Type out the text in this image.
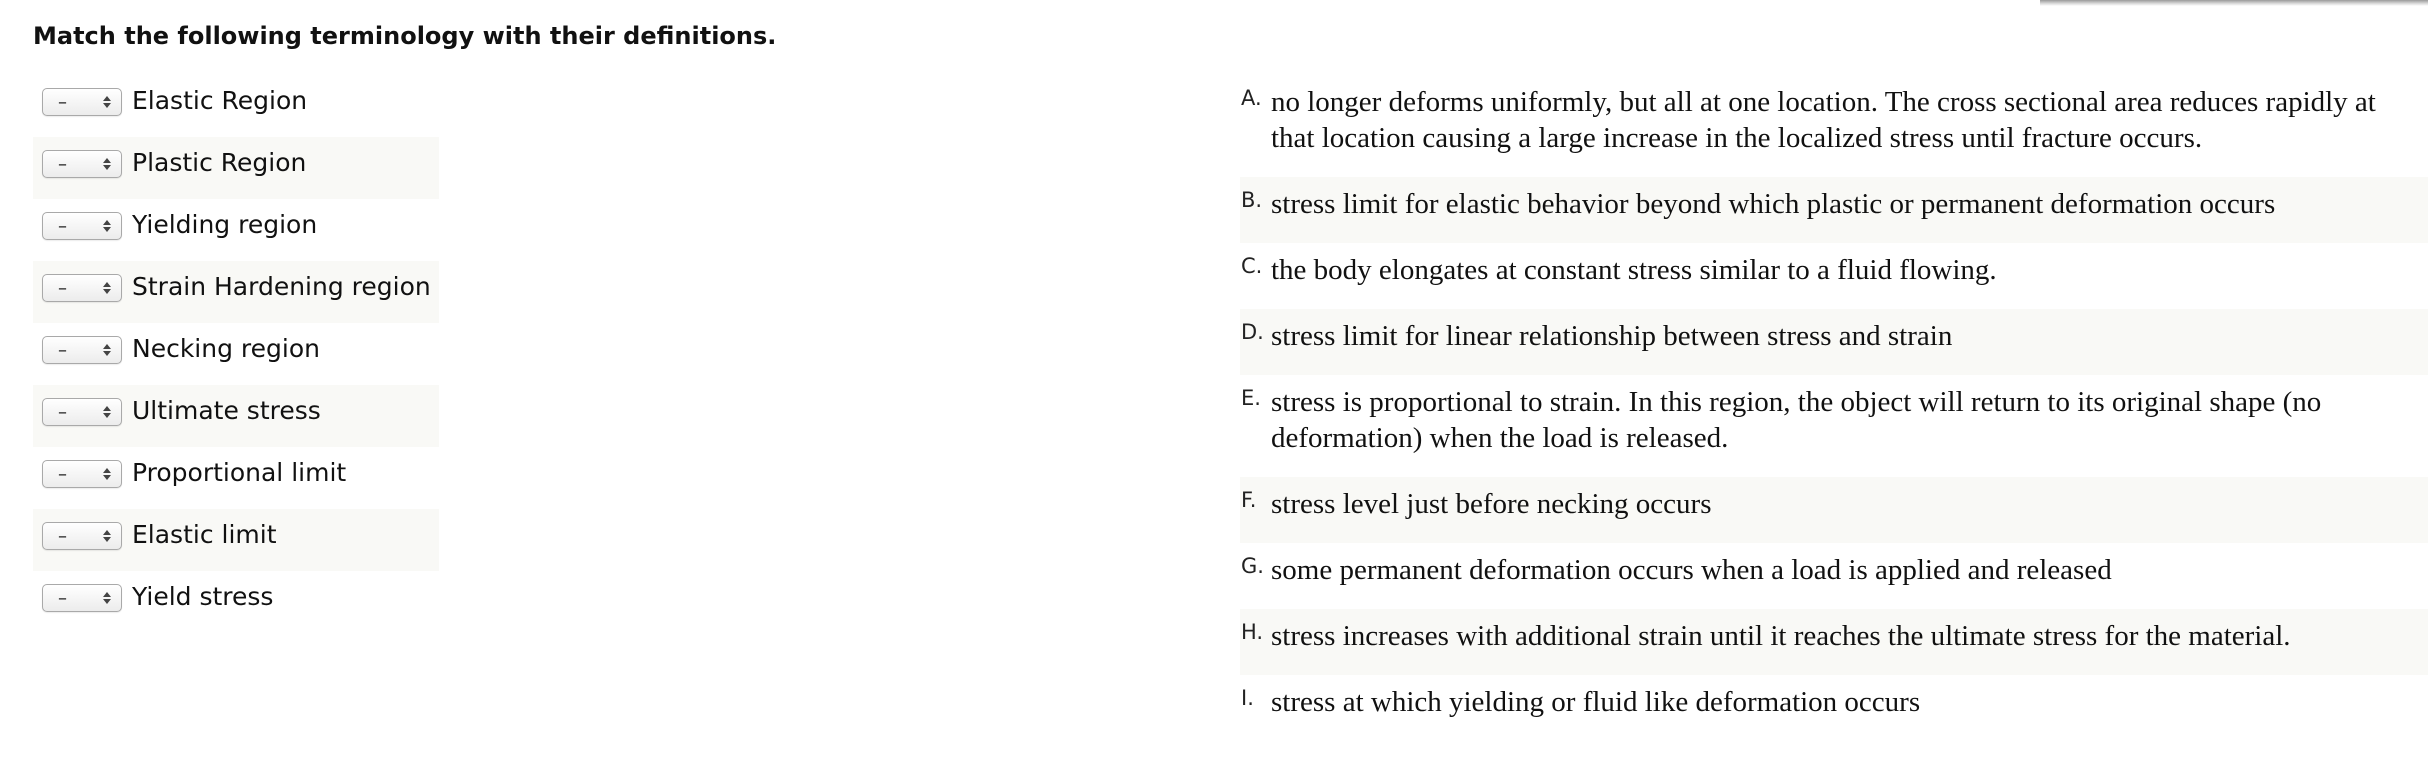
Match the following terminology with their definitions.
–	Elastic Region
–	Plastic Region
–	Yielding region
–	Strain Hardening region
–	Necking region
–	Ultimate stress
–	Proportional limit
–	Elastic limit
–	Yield stress
A. no longer deforms uniformly, but all at one location. The cross sectional area reduces rapidly at that location causing a large increase in the localized stress until fracture occurs.
B. stress limit for elastic behavior beyond which plastic or permanent deformation occurs
C. the body elongates at constant stress similar to a fluid flowing.
D. stress limit for linear relationship between stress and strain
E. stress is proportional to strain. In this region, the object will return to its original shape (no deformation) when the load is released.
F. stress level just before necking occurs
G. some permanent deformation occurs when a load is applied and released
H. stress increases with additional strain until it reaches the ultimate stress for the material.
I. stress at which yielding or fluid like deformation occurs
